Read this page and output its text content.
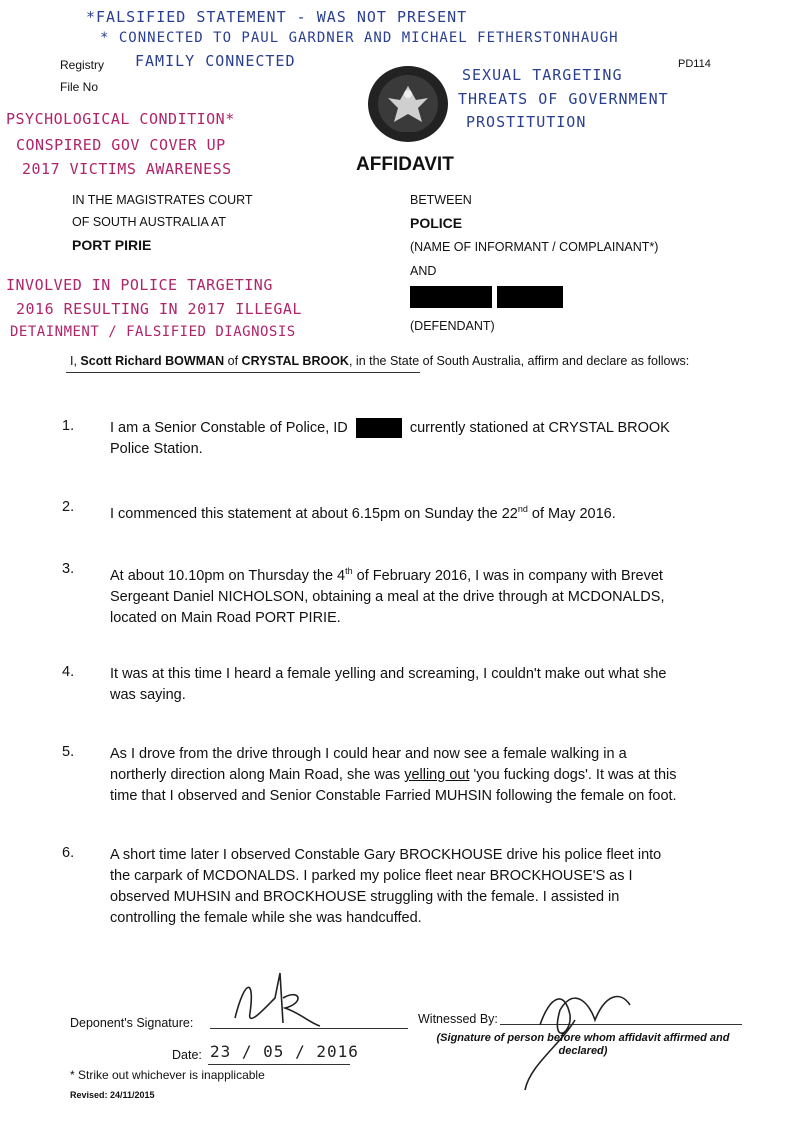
*FALSIFIED STATEMENT - WAS NOT PRESENT
* CONNECTED TO PAUL GARDNER AND MICHAEL FETHERSTONHAUGH
FAMILY CONNECTED
SEXUAL TARGETING
THREATS OF GOVERNMENT
PROSTITUTION
PSYCHOLOGICAL CONDITION*
CONSPIRED GOV COVER UP
2017 VICTIMS AWARENESS
INVOLVED IN POLICE TARGETING
2016 RESULTING IN 2017 ILLEGAL
DETAINMENT / FALSIFIED DIAGNOSIS
Registry
File No
PD114
AFFIDAVIT
IN THE MAGISTRATES COURT
OF SOUTH AUSTRALIA AT
PORT PIRIE
BETWEEN
POLICE
(NAME OF INFORMANT / COMPLAINANT*)
AND
(DEFENDANT)
I, Scott Richard BOWMAN of CRYSTAL BROOK, in the State of South Australia, affirm and declare as follows:
1. I am a Senior Constable of Police, ID	currently stationed at CRYSTAL BROOK
Police Station.
2. I commenced this statement at about 6.15pm on Sunday the 22nd of May 2016.
3. At about 10.10pm on Thursday the 4th of February 2016, I was in company with Brevet
Sergeant Daniel NICHOLSON, obtaining a meal at the drive through at MCDONALDS,
located on Main Road PORT PIRIE.
4. It was at this time I heard a female yelling and screaming, I couldn't make out what she
was saying.
5. As I drove from the drive through I could hear and now see a female walking in a
northerly direction along Main Road, she was yelling out 'you fucking dogs'. It was at this
time that I observed and Senior Constable Farried MUHSIN following the female on foot.
6. A short time later I observed Constable Gary BROCKHOUSE drive his police fleet into
the carpark of MCDONALDS. I parked my police fleet near BROCKHOUSE'S as I
observed MUHSIN and BROCKHOUSE struggling with the female. I assisted in
controlling the female while she was handcuffed.
Deponent's Signature:	Witnessed By:
(Signature of person before whom affidavit affirmed and declared)
Date: 23 / 05 / 2016
* Strike out whichever is inapplicable
Revised: 24/11/2015
